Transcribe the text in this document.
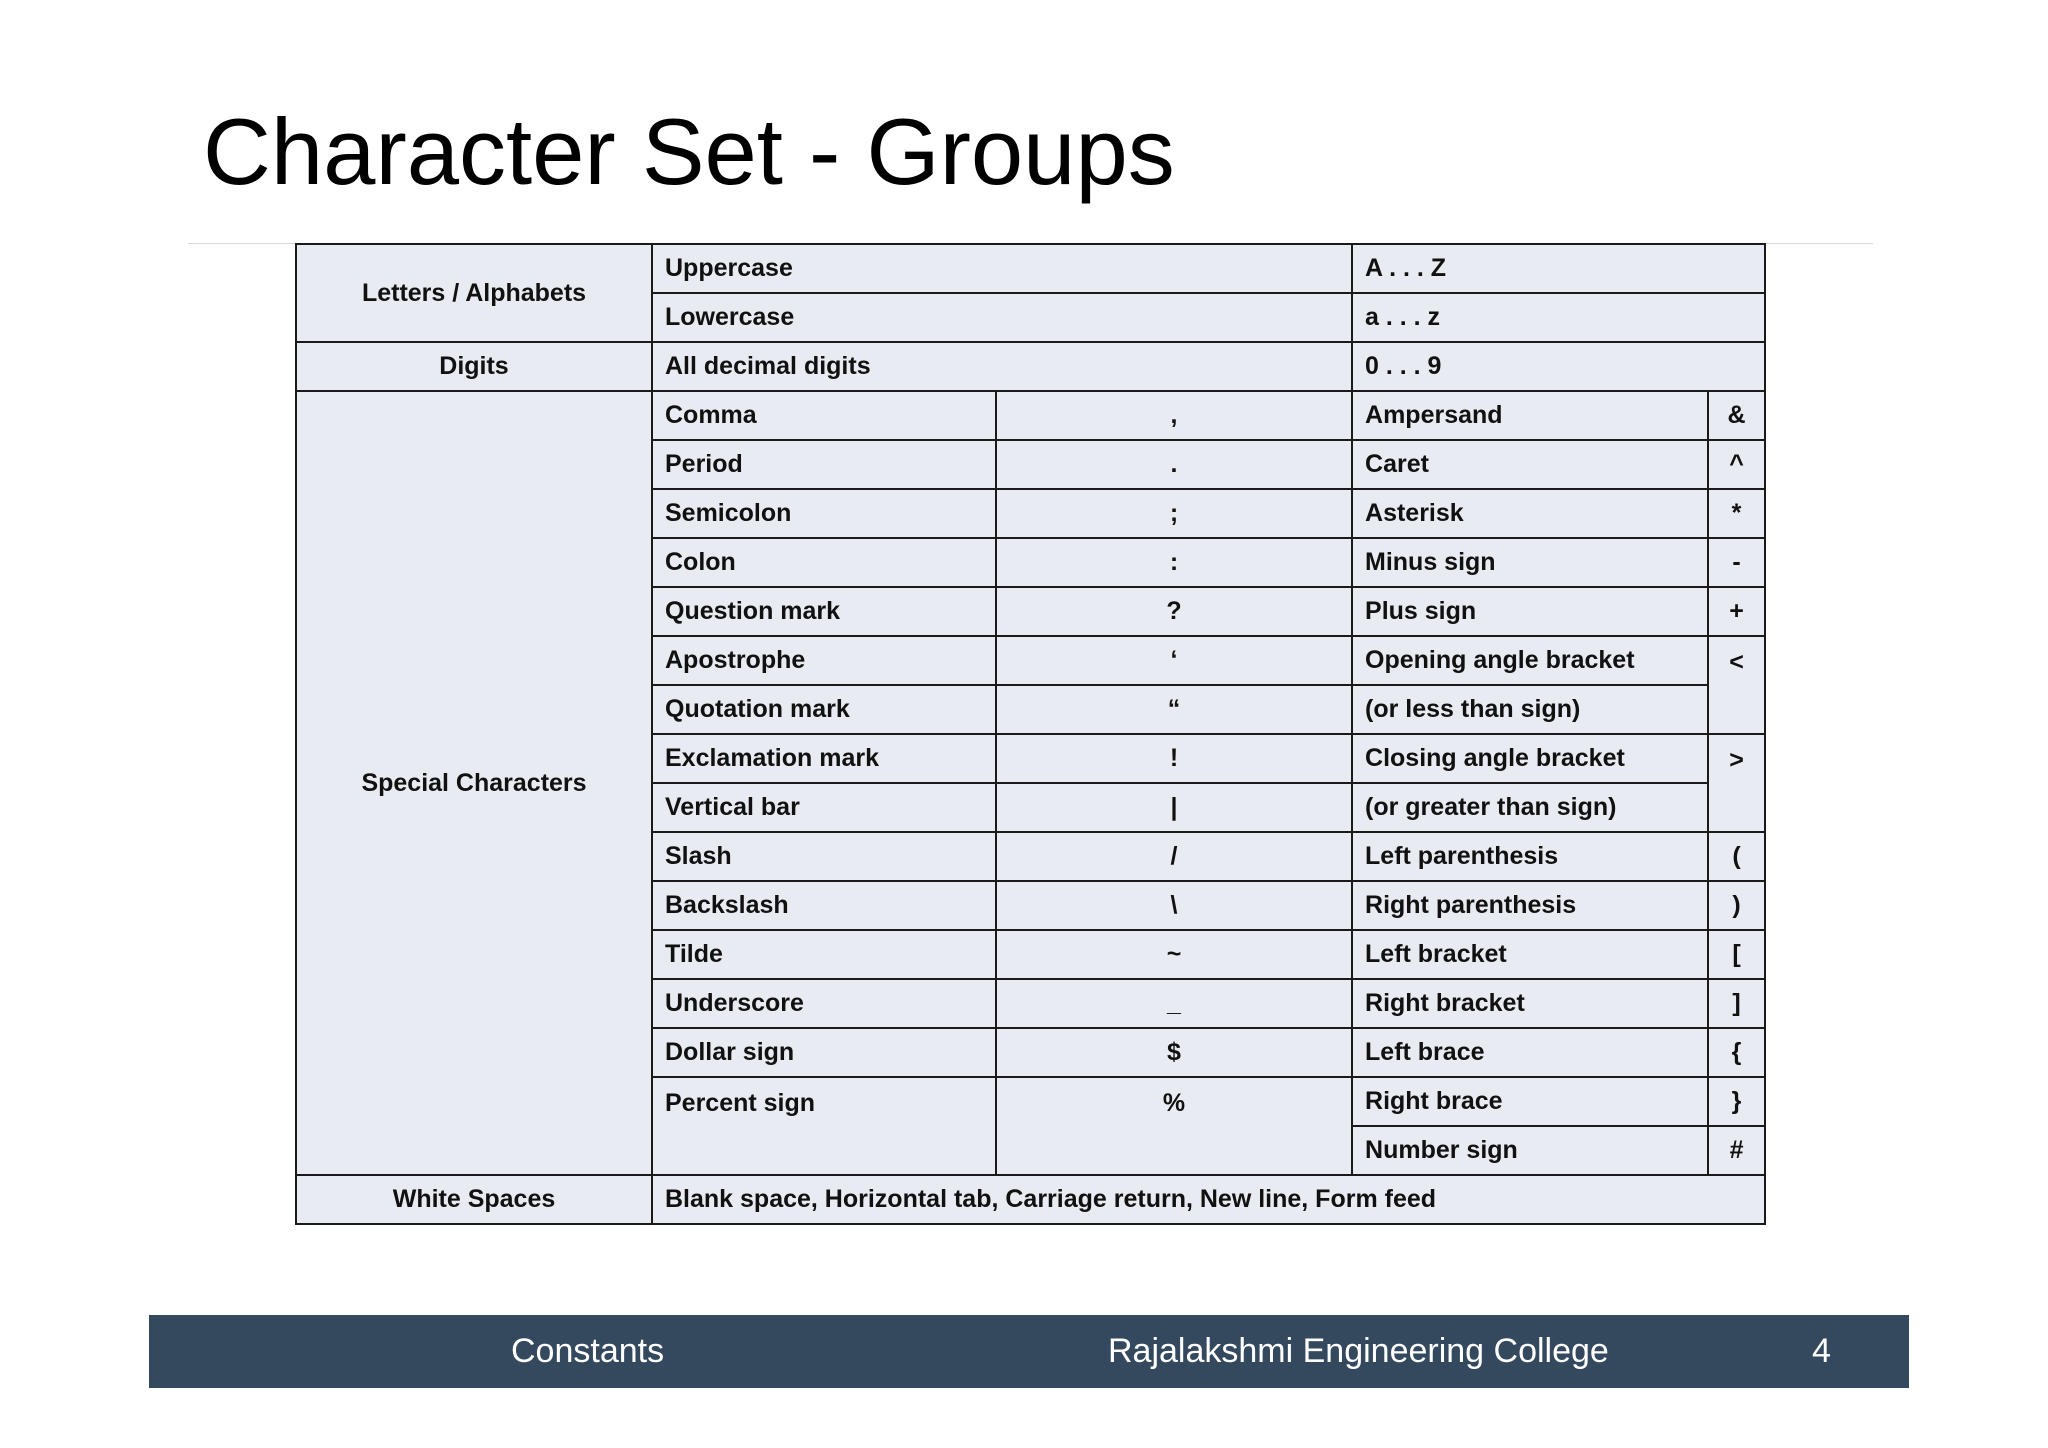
Character Set - Groups
Letters / Alphabets	Uppercase		A . . . Z	
	Lowercase		a . . . z	
Digits	All decimal digits		0 . . . 9	
Special Characters	Comma	,	Ampersand	&
	Period	.	Caret	^
	Semicolon	;	Asterisk	*
	Colon	:	Minus sign	-
	Question mark	?	Plus sign	+
	Apostrophe	‘	Opening angle bracket	<
	Quotation mark	“	(or less than sign)	
	Exclamation mark	!	Closing angle bracket	>
	Vertical bar	|	(or greater than sign)	
	Slash	/	Left parenthesis	(
	Backslash	\	Right parenthesis	)
	Tilde	~	Left bracket	[
	Underscore	_	Right bracket	]
	Dollar sign	$	Left brace	{
	Percent sign	%	Right brace	}
			Number sign	#
White Spaces	Blank space, Horizontal tab, Carriage return, New line, Form feed			
Constants	Rajalakshmi Engineering College	4
